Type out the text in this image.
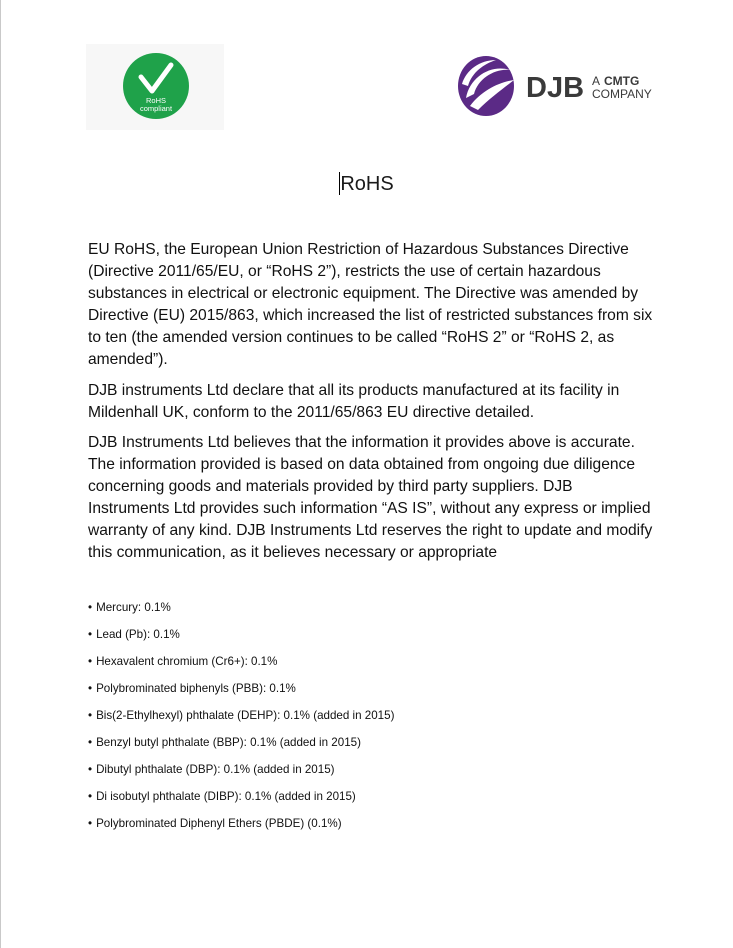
RoHS
compliant
DJB A CMTG
COMPANY
RoHS

EU RoHS, the European Union Restriction of Hazardous Substances Directive (Directive 2011/65/EU, or “RoHS 2”), restricts the use of certain hazardous substances in electrical or electronic equipment. The Directive was amended by Directive (EU) 2015/863, which increased the list of restricted substances from six to ten (the amended version continues to be called “RoHS 2” or “RoHS 2, as amended”).

DJB instruments Ltd declare that all its products manufactured at its facility in Mildenhall UK, conform to the 2011/65/863 EU directive detailed.

DJB Instruments Ltd believes that the information it provides above is accurate. The information provided is based on data obtained from ongoing due diligence concerning goods and materials provided by third party suppliers. DJB Instruments Ltd provides such information “AS IS”, without any express or implied warranty of any kind. DJB Instruments Ltd reserves the right to update and modify this communication, as it believes necessary or appropriate

• Mercury: 0.1%
• Lead (Pb): 0.1%
• Hexavalent chromium (Cr6+): 0.1%
• Polybrominated biphenyls (PBB): 0.1%
• Bis(2-Ethylhexyl) phthalate (DEHP): 0.1% (added in 2015)
• Benzyl butyl phthalate (BBP): 0.1% (added in 2015)
• Dibutyl phthalate (DBP): 0.1% (added in 2015)
• Di isobutyl phthalate (DIBP): 0.1% (added in 2015)
• Polybrominated Diphenyl Ethers (PBDE) (0.1%)
